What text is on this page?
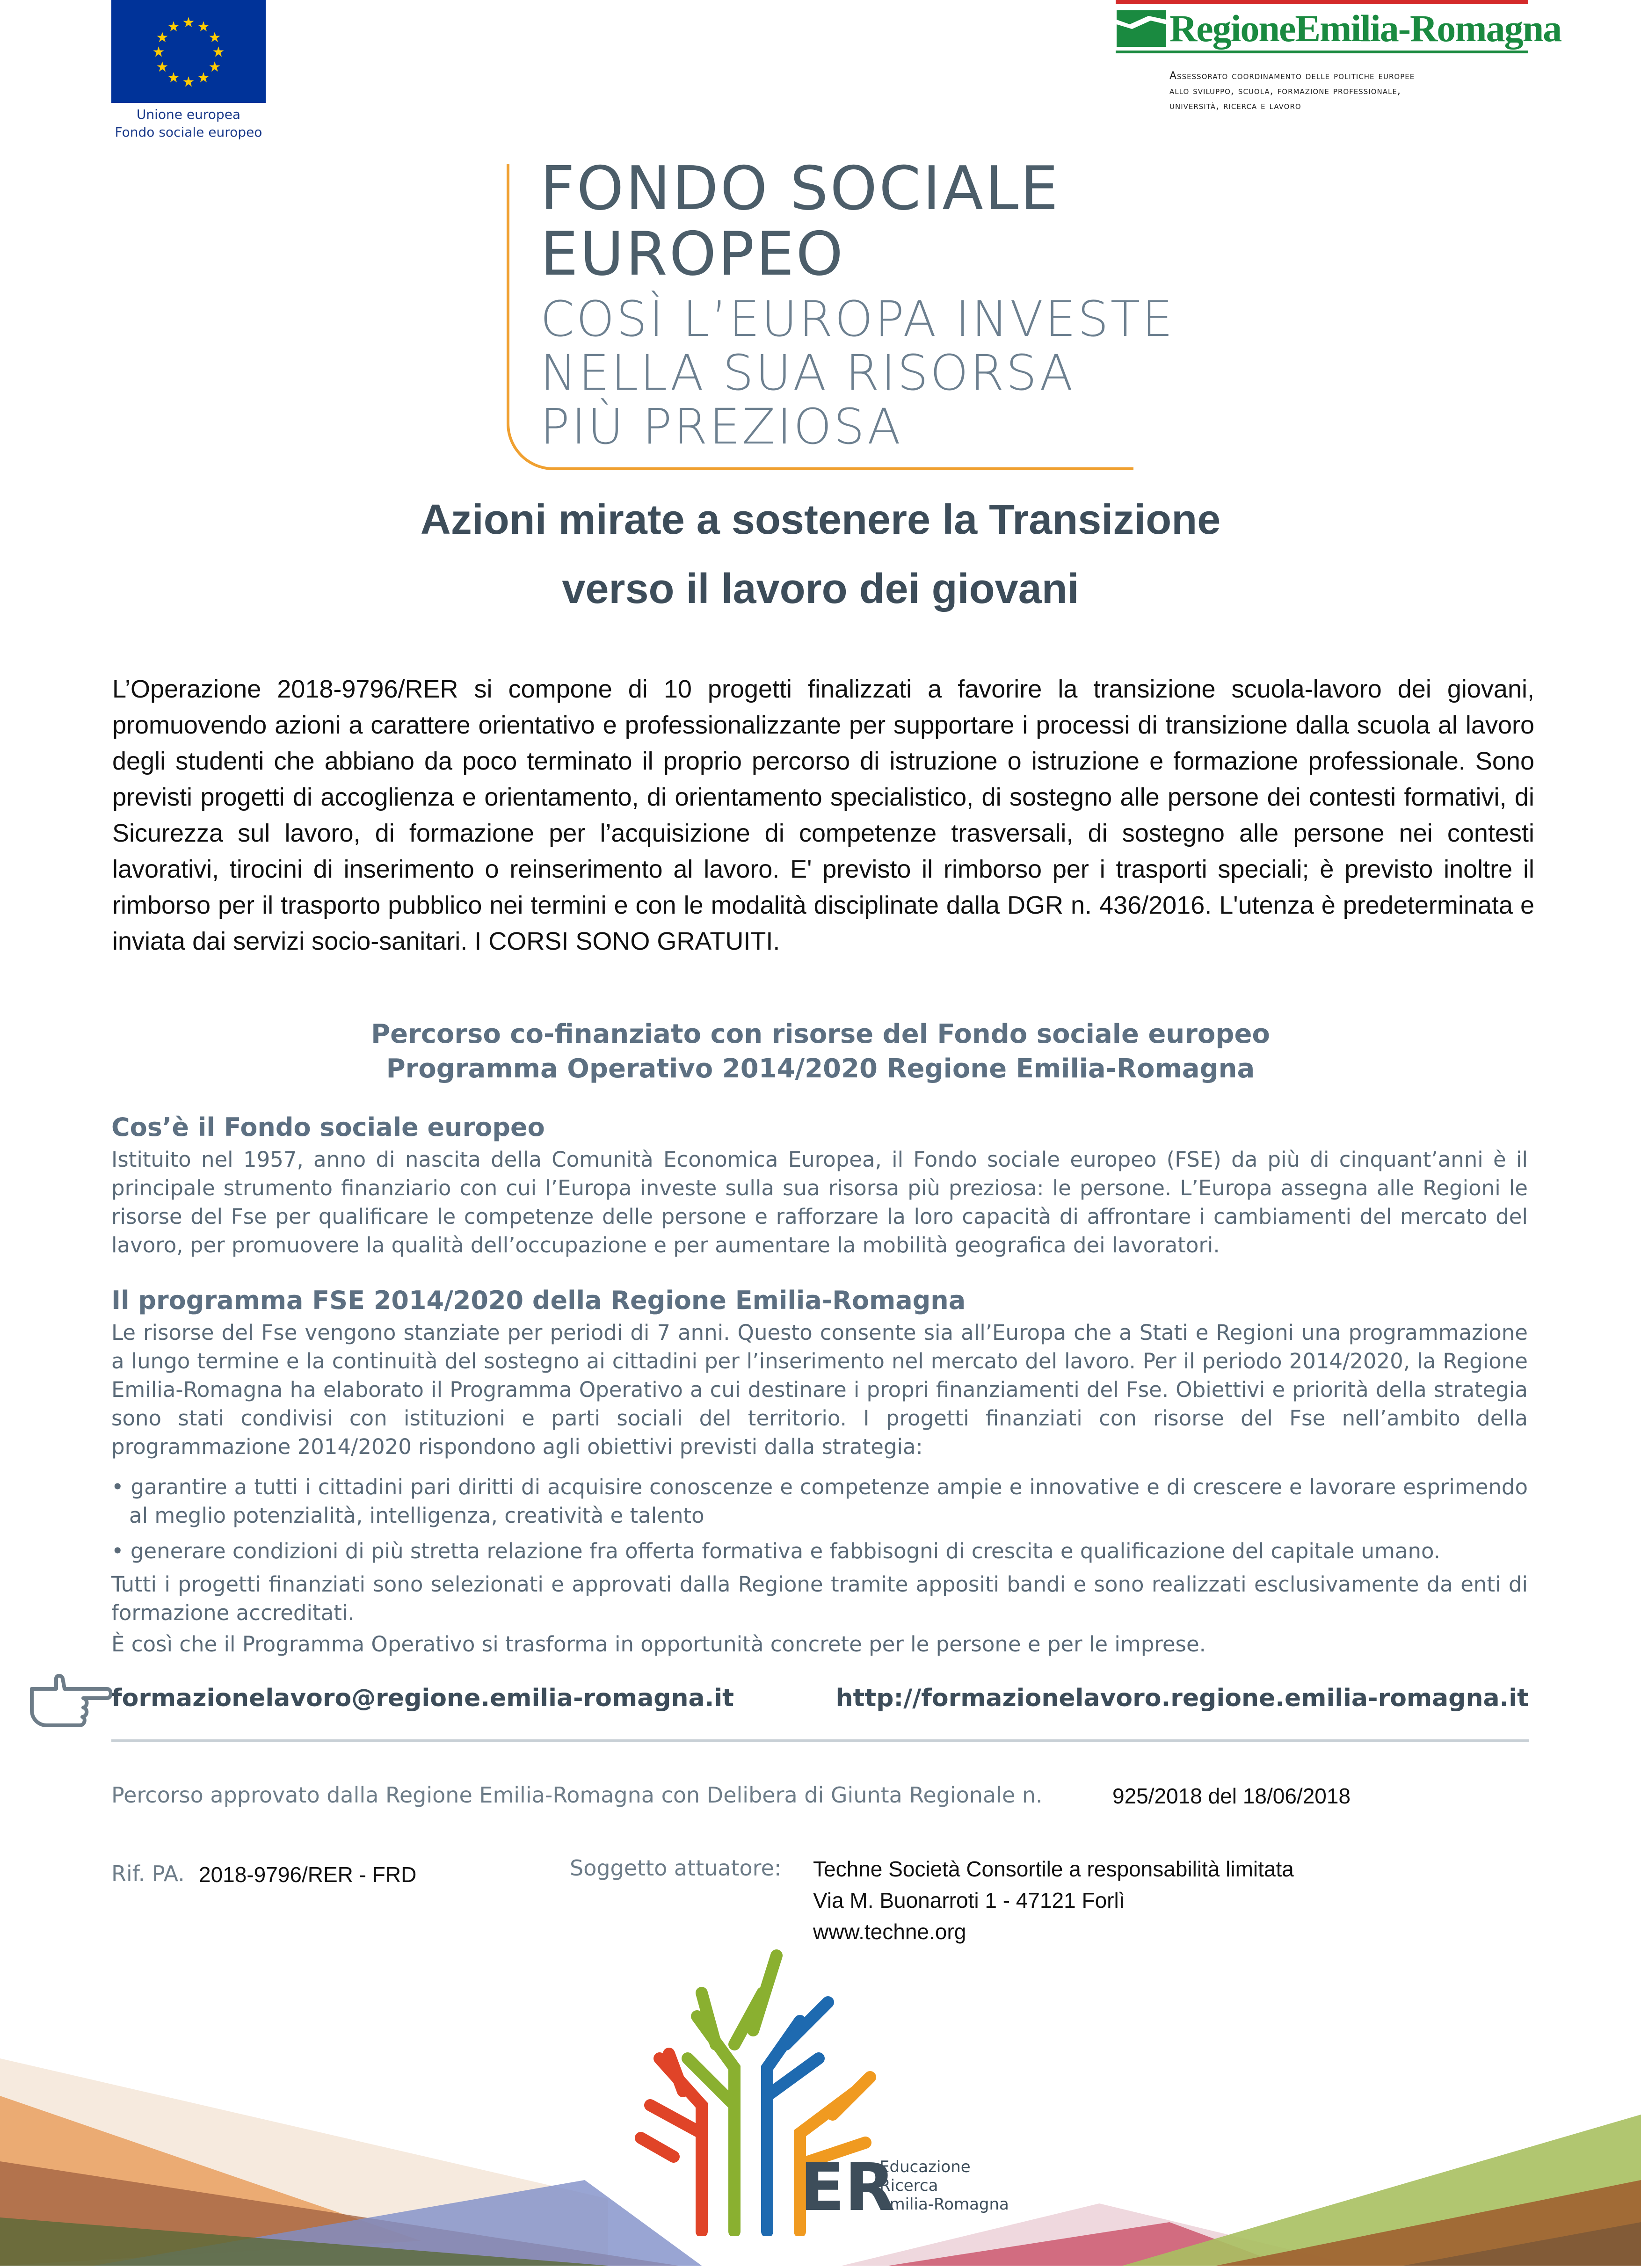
★ ★
★
★
★
★
★
★
★
★
★
★
Unione europea
Fondo sociale europeo
RegioneEmilia-Romagna
Assessorato coordinamento delle politiche europee
allo sviluppo, scuola, formazione professionale,
università, ricerca e lavoro
FONDO SOCIALE
EUROPEO
COSÌ L’EUROPA INVESTE
NELLA SUA RISORSA
PIÙ PREZIOSA
Azioni mirate a sostenere la Transizione
verso il lavoro dei giovani
L’Operazione 2018-9796/RER si compone di 10 progetti finalizzati a favorire la transizione scuola-lavoro dei giovani, promuovendo azioni a carattere orientativo e professionalizzante per supportare i processi di transizione dalla scuola al lavoro degli studenti che abbiano da poco terminato il proprio percorso di istruzione o istruzione e formazione professionale. Sono previsti progetti di accoglienza e orientamento, di orientamento specialistico, di sostegno alle persone dei contesti formativi, di Sicurezza sul lavoro, di formazione per l’acquisizione di competenze trasversali, di sostegno alle persone nei contesti lavorativi, tirocini di inserimento o reinserimento al lavoro. E' previsto il rimborso per i trasporti speciali; è previsto inoltre il rimborso per il trasporto pubblico nei termini e con le modalità disciplinate dalla DGR n. 436/2016. L'utenza è predeterminata e inviata dai servizi socio-sanitari. I CORSI SONO GRATUITI.
Percorso co-finanziato con risorse del Fondo sociale europeo
Programma Operativo 2014/2020 Regione Emilia-Romagna
Cos’è il Fondo sociale europeo
Istituito nel 1957, anno di nascita della Comunità Economica Europea, il Fondo sociale europeo (FSE) da più di cinquant’anni è il principale strumento finanziario con cui l’Europa investe sulla sua risorsa più preziosa: le persone. L’Europa assegna alle Regioni le risorse del Fse per qualificare le competenze delle persone e rafforzare la loro capacità di affrontare i cambiamenti del mercato del lavoro, per promuovere la qualità dell’occupazione e per aumentare la mobilità geografica dei lavoratori.
Il programma FSE 2014/2020 della Regione Emilia-Romagna
Le risorse del Fse vengono stanziate per periodi di 7 anni. Questo consente sia all’Europa che a Stati e Regioni una programmazione a lungo termine e la continuità del sostegno ai cittadini per l’inserimento nel mercato del lavoro. Per il periodo 2014/2020, la Regione Emilia-Romagna ha elaborato il Programma Operativo a cui destinare i propri finanziamenti del Fse. Obiettivi e priorità della strategia sono stati condivisi con istituzioni e parti sociali del territorio. I progetti finanziati con risorse del Fse nell’ambito della programmazione 2014/2020 rispondono agli obiettivi previsti dalla strategia:
• garantire a tutti i cittadini pari diritti di acquisire conoscenze e competenze ampie e innovative e di crescere e lavorare esprimendo al meglio potenzialità, intelligenza, creatività e talento
• generare condizioni di più stretta relazione fra offerta formativa e fabbisogni di crescita e qualificazione del capitale umano.
Tutti i progetti finanziati sono selezionati e approvati dalla Regione tramite appositi bandi e sono realizzati esclusivamente da enti di formazione accreditati.
È così che il Programma Operativo si trasforma in opportunità concrete per le persone e per le imprese.
formazionelavoro@regione.emilia-romagna.it	http://formazionelavoro.regione.emilia-romagna.it
Percorso approvato dalla Regione Emilia-Romagna con Delibera di Giunta Regionale n.	925/2018 del 18/06/2018
Rif. PA. 2018-9796/RER - FRD	Soggetto attuatore: Techne Società Consortile a responsabilità limitata
Via M. Buonarroti 1 - 47121 Forlì
www.techne.org
ER
Educazione
Ricerca
Emilia-Romagna
